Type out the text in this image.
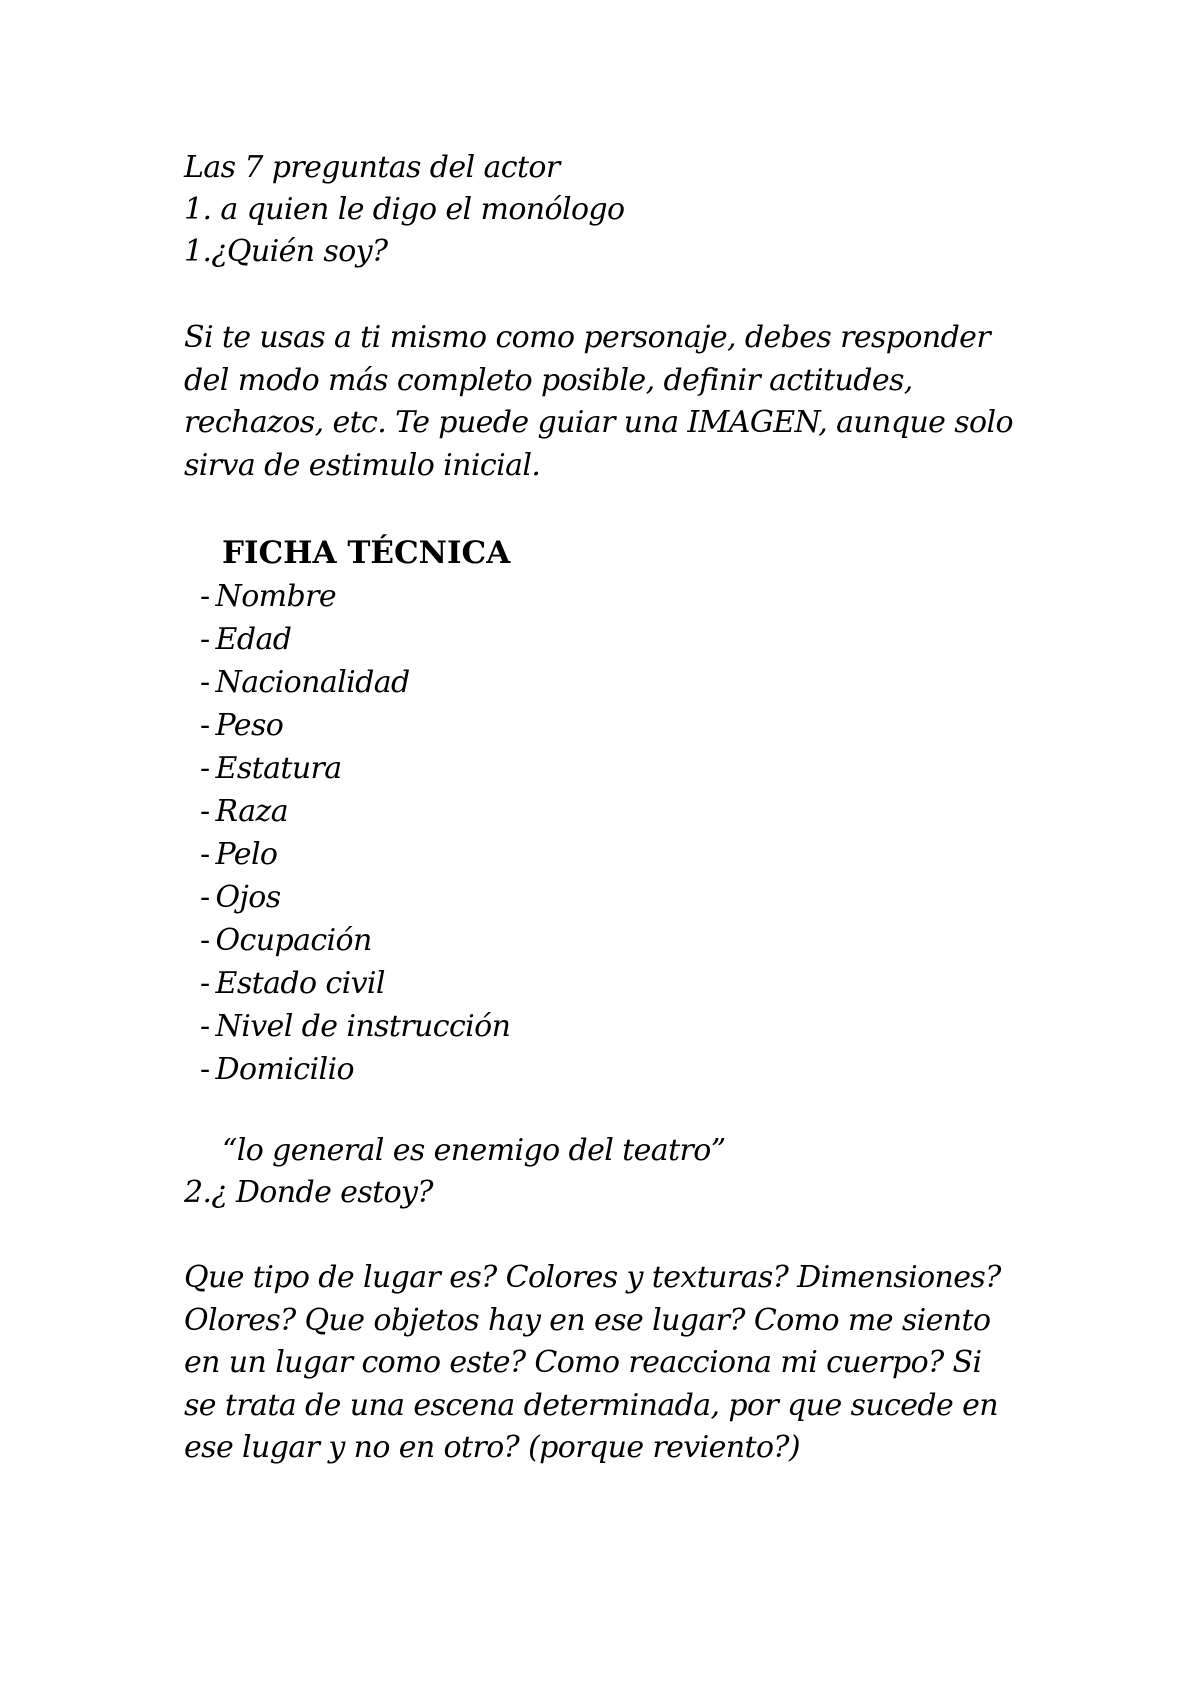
Las 7 preguntas del actor

1. a quien le digo el monólogo

1.¿Quién soy?

Si te usas a ti mismo como personaje, debes responder
del modo más completo posible, definir actitudes,
rechazos, etc. Te puede guiar una IMAGEN, aunque solo
sirva de estimulo inicial.

FICHA TÉCNICA

- Nombre
- Edad
- Nacionalidad
- Peso
- Estatura
- Raza
- Pelo
- Ojos
- Ocupación
- Estado civil
- Nivel de instrucción
- Domicilio

“lo general es enemigo del teatro”

2.¿ Donde estoy?

Que tipo de lugar es? Colores y texturas? Dimensiones?
Olores? Que objetos hay en ese lugar? Como me siento
en un lugar como este? Como reacciona mi cuerpo? Si
se trata de una escena determinada, por que sucede en
ese lugar y no en otro? (porque reviento?)
